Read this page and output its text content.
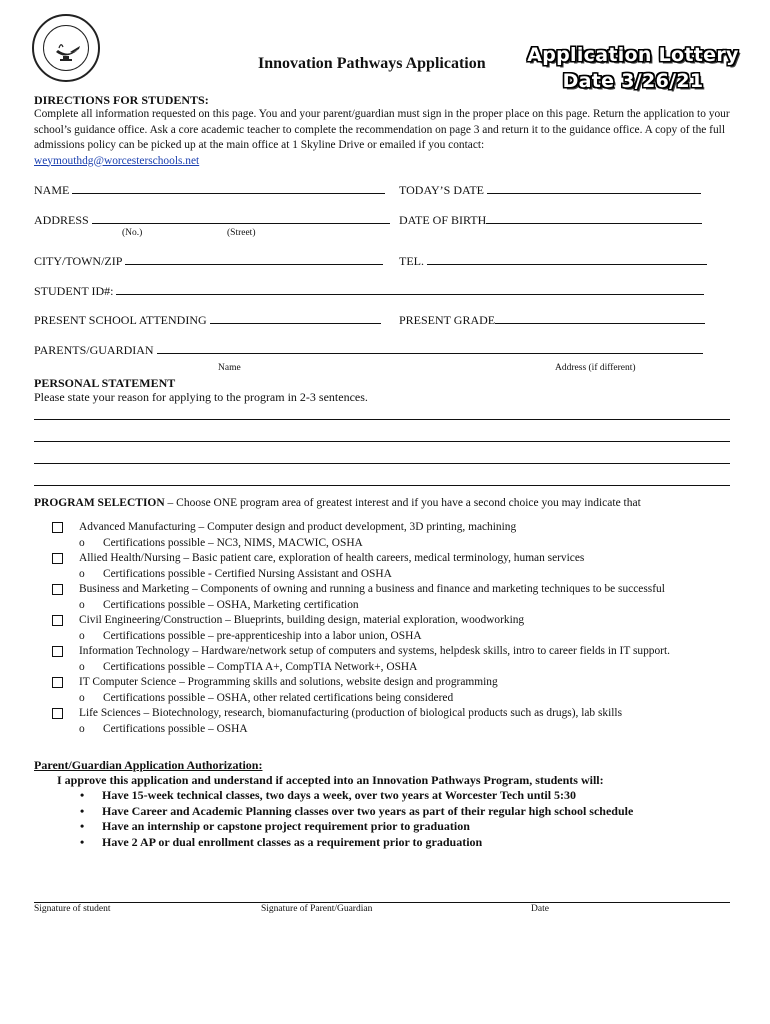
Innovation Pathways Application	Application Lottery
Date 3/26/21
DIRECTIONS FOR STUDENTS:
Complete all information requested on this page. You and your parent/guardian must sign in the proper place on this page. Return the application to your school’s guidance office. Ask a core academic teacher to complete the recommendation on page 3 and return it to the guidance office. A copy of the full admissions policy can be picked up at the main office at 1 Skyline Drive or emailed if you contact:
weymouthdg@worcesterschools.net
NAME	TODAY’S DATE
ADDRESS	DATE OF BIRTH
(No.)	(Street)
CITY/TOWN/ZIP	TEL.
STUDENT ID#:
PRESENT SCHOOL ATTENDING	PRESENT GRADE
PARENTS/GUARDIAN
Name	Address (if different)
PERSONAL STATEMENT
Please state your reason for applying to the program in 2-3 sentences.
PROGRAM SELECTION – Choose ONE program area of greatest interest and if you have a second choice you may indicate that
Advanced Manufacturing – Computer design and product development, 3D printing, machining
o Certifications possible – NC3, NIMS, MACWIC, OSHA
Allied Health/Nursing – Basic patient care, exploration of health careers, medical terminology, human services
o Certifications possible - Certified Nursing Assistant and OSHA
Business and Marketing – Components of owning and running a business and finance and marketing techniques to be successful
o Certifications possible – OSHA, Marketing certification
Civil Engineering/Construction – Blueprints, building design, material exploration, woodworking
o Certifications possible – pre-apprenticeship into a labor union, OSHA
Information Technology – Hardware/network setup of computers and systems, helpdesk skills, intro to career fields in IT support.
o Certifications possible – CompTIA A+, CompTIA Network+, OSHA
IT Computer Science – Programming skills and solutions, website design and programming
o Certifications possible – OSHA, other related certifications being considered
Life Sciences – Biotechnology, research, biomanufacturing (production of biological products such as drugs), lab skills
o Certifications possible – OSHA
Parent/Guardian Application Authorization:
I approve this application and understand if accepted into an Innovation Pathways Program, students will:
• Have 15-week technical classes, two days a week, over two years at Worcester Tech until 5:30
• Have Career and Academic Planning classes over two years as part of their regular high school schedule
• Have an internship or capstone project requirement prior to graduation
• Have 2 AP or dual enrollment classes as a requirement prior to graduation
Signature of student	Signature of Parent/Guardian	Date
